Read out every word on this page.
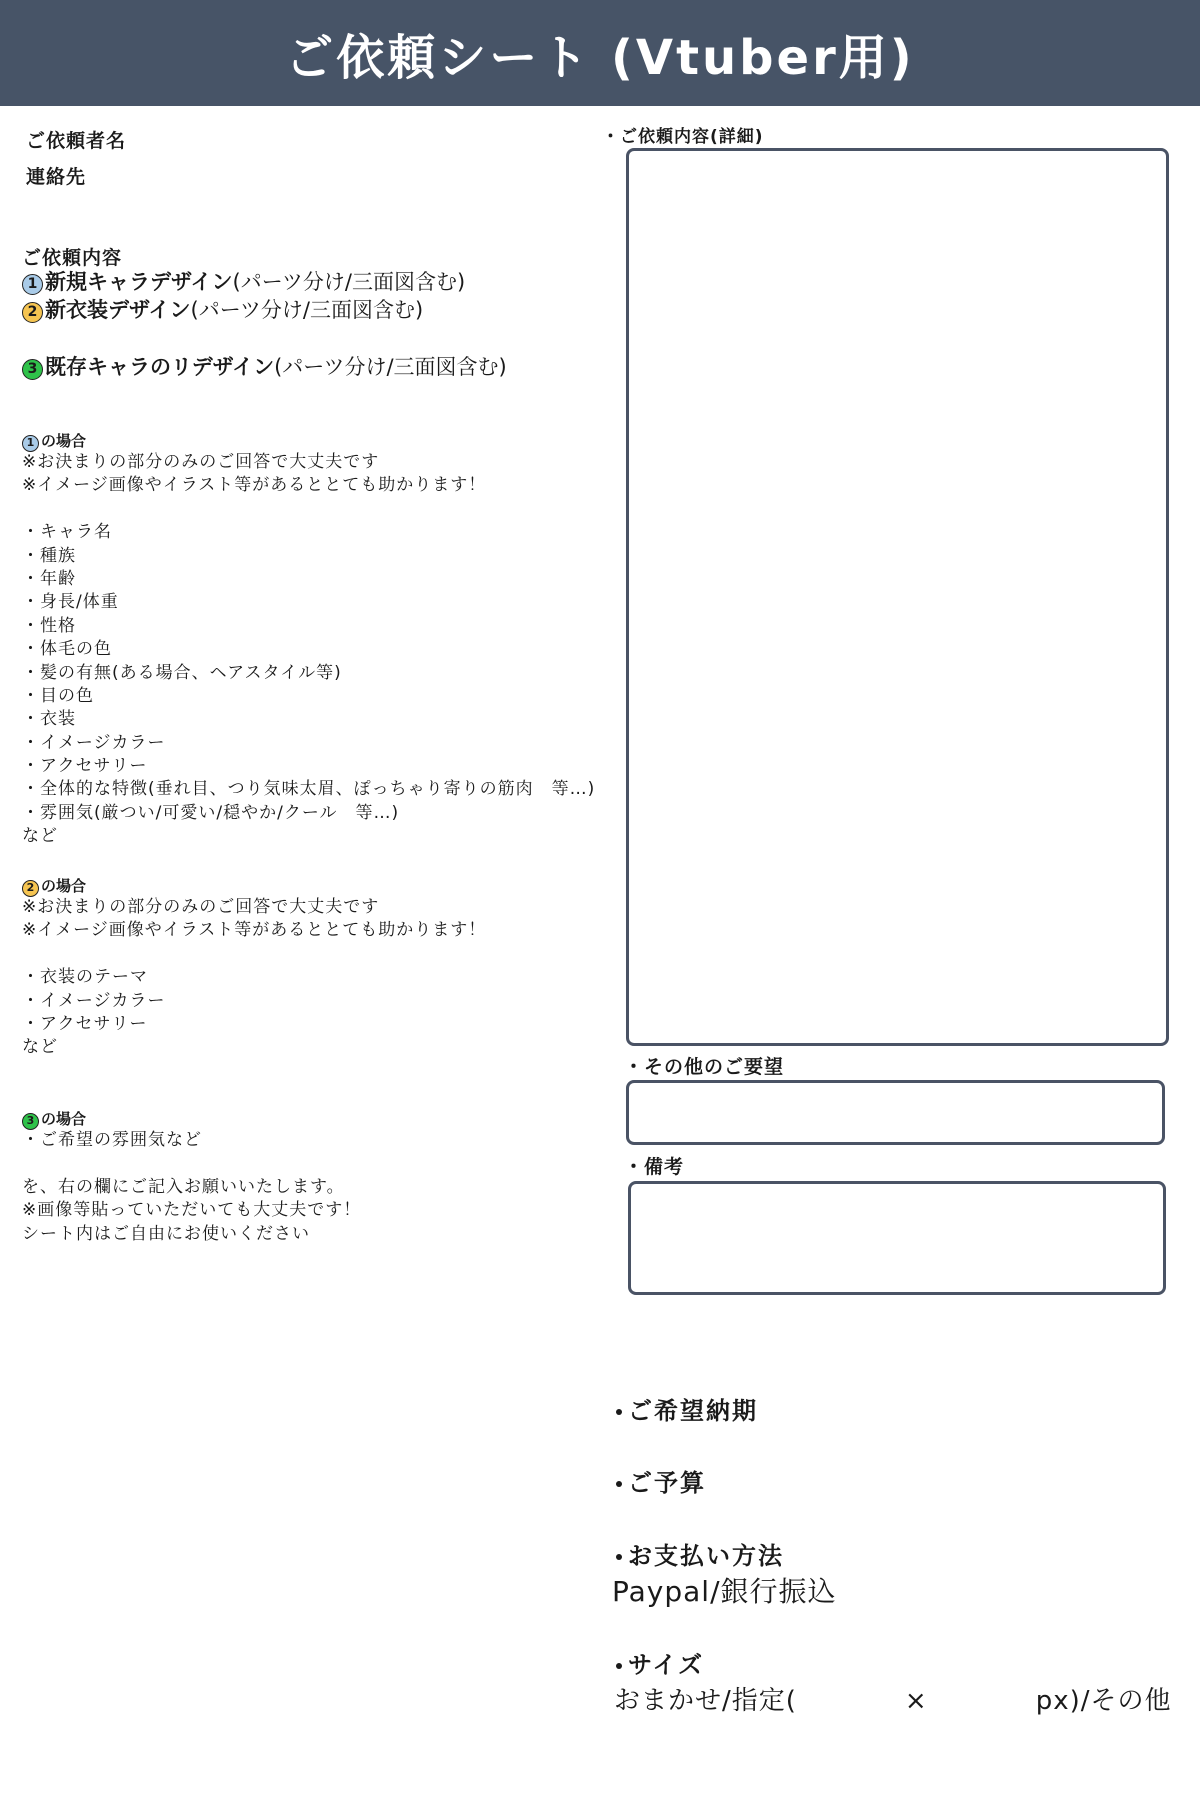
ご依頼シート (Vtuber用)
ご依頼者名
連絡先
ご依頼内容
1 新規キャラデザイン(パーツ分け/三面図含む)
2 新衣装デザイン(パーツ分け/三面図含む)
3 既存キャラのリデザイン(パーツ分け/三面図含む)
1 の場合
※お決まりの部分のみのご回答で大丈夫です
※イメージ画像やイラスト等があるととても助かります！
・キャラ名
・種族
・年齢
・身長/体重
・性格
・体毛の色
・髪の有無(ある場合、ヘアスタイル等)
・目の色
・衣装
・イメージカラー
・アクセサリー
・全体的な特徴(垂れ目、つり気味太眉、ぽっちゃり寄りの筋肉　等…)
・雰囲気(厳つい/可愛い/穏やか/クール　等…)
など
2 の場合
※お決まりの部分のみのご回答で大丈夫です
※イメージ画像やイラスト等があるととても助かります！
・衣装のテーマ
・イメージカラー
・アクセサリー
など
3 の場合
・ご希望の雰囲気など
を、右の欄にご記入お願いいたします。
※画像等貼っていただいても大丈夫です！
シート内はご自由にお使いください
・ご依頼内容(詳細)
・その他のご要望
・備考
ご希望納期
ご予算
お支払い方法
Paypal/銀行振込
サイズ
おまかせ/指定(　　　　×　　　　px)/その他
